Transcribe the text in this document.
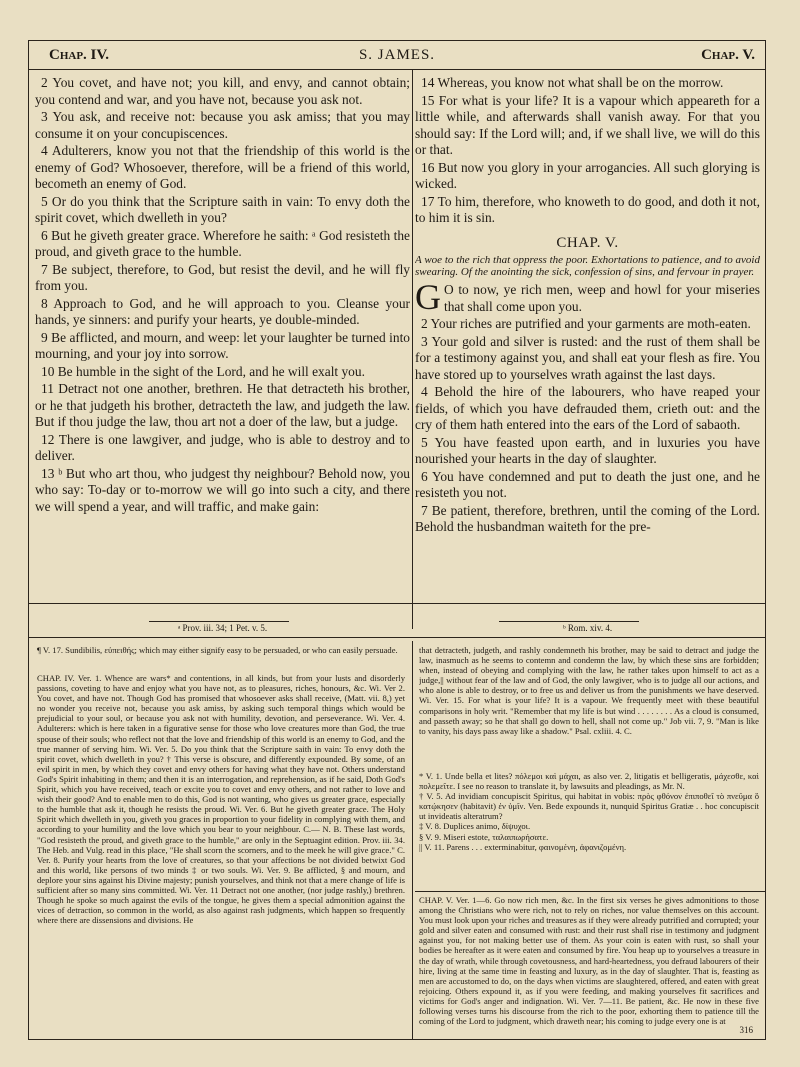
Chap. IV.	S. JAMES.	Chap. V.

2 You covet, and have not; you kill, and envy, and cannot obtain; you contend and war, and you have not, because you ask not.

3 You ask, and receive not: because you ask amiss; that you may consume it on your concupiscences.

4 Adulterers, know you not that the friendship of this world is the enemy of God? Whosoever, therefore, will be a friend of this world, becometh an enemy of God.

5 Or do you think that the Scripture saith in vain: To envy doth the spirit covet, which dwelleth in you?

6 But he giveth greater grace. Wherefore he saith: ᵃ God resisteth the proud, and giveth grace to the humble.

7 Be subject, therefore, to God, but resist the devil, and he will fly from you.

8 Approach to God, and he will approach to you. Cleanse your hands, ye sinners: and purify your hearts, ye double-minded.

9 Be afflicted, and mourn, and weep: let your laughter be turned into mourning, and your joy into sorrow.

10 Be humble in the sight of the Lord, and he will exalt you.

11 Detract not one another, brethren. He that detracteth his brother, or he that judgeth his brother, detracteth the law, and judgeth the law. But if thou judge the law, thou art not a doer of the law, but a judge.

12 There is one lawgiver, and judge, who is able to destroy and to deliver.

13 ᵇ But who art thou, who judgest thy neighbour? Behold now, you who say: To-day or to-morrow we will go into such a city, and there we will spend a year, and will traffic, and make gain:

14 Whereas, you know not what shall be on the morrow.

15 For what is your life? It is a vapour which appeareth for a little while, and afterwards shall vanish away. For that you should say: If the Lord will; and, if we shall live, we will do this or that.

16 But now you glory in your arrogancies. All such glorying is wicked.

17 To him, therefore, who knoweth to do good, and doth it not, to him it is sin.

CHAP. V.

A woe to the rich that oppress the poor. Exhortations to patience, and to avoid swearing. Of the anointing the sick, confession of sins, and fervour in prayer.

G O to now, ye rich men, weep and howl for your miseries that shall come upon you.

2 Your riches are putrified and your garments are moth-eaten.

3 Your gold and silver is rusted: and the rust of them shall be for a testimony against you, and shall eat your flesh as fire. You have stored up to yourselves wrath against the last days.

4 Behold the hire of the labourers, who have reaped your fields, of which you have defrauded them, crieth out: and the cry of them hath entered into the ears of the Lord of sabaoth.

5 You have feasted upon earth, and in luxuries you have nourished your hearts in the day of slaughter.

6 You have condemned and put to death the just one, and he resisteth you not.

7 Be patient, therefore, brethren, until the coming of the Lord. Behold the husbandman waiteth for the pre-

ᵃ Prov. iii. 34; 1 Pet. v. 5.	ᵇ Rom. xiv. 4.
¶ V. 17. Sundibilis, εὐπειθής; which may either signify easy to be persuaded, or who can easily persuade.
CHAP. IV. Ver. 1. Whence are wars* and contentions, in all kinds, but from your lusts and disorderly passions, coveting to have and enjoy what you have not, as to pleasures, riches, honours, &c. Wi. Ver 2. You covet, and have not. Though God has promised that whosoever asks shall receive, (Matt. vii. 8,) yet no wonder you receive not, because you ask amiss, by asking such temporal things which would be prejudicial to your soul, or because you ask not with humility, devotion, and perseverance. Wi. Ver. 4. Adulterers: which is here taken in a figurative sense for those who love creatures more than God, the true spouse of their souls; who reflect not that the love and friendship of this world is an enemy to God, and the true manner of serving him. Wi. Ver. 5. Do you think that the Scripture saith in vain: To envy doth the spirit covet, which dwelleth in you? † This verse is obscure, and differently expounded. By some, of an evil spirit in men, by which they covet and envy others for having what they have not. Others understand God's Spirit inhabiting in them; and then it is an interrogation, and reprehension, as if he said, Doth God's Spirit, which you have received, teach or excite you to covet and envy others, and not rather to love and wish their good? And to enable men to do this, God is not wanting, who gives us greater grace, especially to the humble that ask it, though he resists the proud. Wi. Ver. 6. But he giveth greater grace. The Holy Spirit which dwelleth in you, giveth you graces in proportion to your fidelity in complying with them, and according to your humility and the love which you bear to your neighbour. C.— N. B. These last words, "God resisteth the proud, and giveth grace to the humble," are only in the Septuagint edition. Prov. iii. 34. The Heb. and Vulg. read in this place, "He shall scorn the scorners, and to the meek he will give grace." C. Ver. 8. Purify your hearts from the love of creatures, so that your affections be not divided betwixt God and this world, like persons of two minds ‡ or two souls. Wi. Ver. 9. Be afflicted, § and mourn, and deplore your sins against his Divine majesty; punish yourselves, and think not that a mere change of life is sufficient after so many sins committed. Wi. Ver. 11 Detract not one another, (nor judge rashly,) brethren. Though he spoke so much against the evils of the tongue, he gives them a special admonition against the vices of detraction, so common in the world, as also against rash judgments, which happen so frequently where there are dissensions and divisions. He
that detracteth, judgeth, and rashly condemneth his brother, may be said to detract and judge the law, inasmuch as he seems to contemn and condemn the law, by which these sins are forbidden; when, instead of obeying and complying with the law, he rather takes upon himself to act as a judge,|| without fear of the law and of God, the only lawgiver, who is to judge all our actions, and who alone is able to destroy, or to free us and deliver us from the punishments we have deserved. Wi. Ver. 15. For what is your life? It is a vapour. We frequently meet with these beautiful comparisons in holy writ. "Remember that my life is but wind . . . . . . . . As a cloud is consumed, and passeth away; so he that shall go down to hell, shall not come up." Job vii. 7, 9. "Man is like to vanity, his days pass away like a shadow." Psal. cxliii. 4. C.
* V. 1. Unde bella et lites? πόλεμοι καὶ μάχαι, as also ver. 2, litigatis et belligeratis, μάχεσθε, καὶ πολεμεῖτε. I see no reason to translate it, by lawsuits and pleadings, as Mr. N.
† V. 5. Ad invidiam concupiscit Spiritus, qui habitat in vobis: πρὸς φθόνον ἐπιποθεῖ τὸ πνεῦμα ὃ κατῴκησεν (habitavit) ἐν ὑμῖν. Ven. Bede expounds it, nunquid Spiritus Gratiæ . . hoc concupiscit ut invideatis alteratrum?
‡ V. 8. Duplices animo, δίψυχοι.
§ V. 9. Miseri estote, ταλαιπωρήσατε.
|| V. 11. Parens . . . exterminabitur, φαινομένη, ἀφανιζομένη.
CHAP. V. Ver. 1—6. Go now rich men, &c. In the first six verses he gives admonitions to those among the Christians who were rich, not to rely on riches, nor value themselves on this account. You must look upon your riches and treasures as if they were already putrified and corrupted; your gold and silver eaten and consumed with rust: and their rust shall rise in testimony and judgment against you, for not making better use of them. As your coin is eaten with rust, so shall your bodies be hereafter as it were eaten and consumed by fire. You heap up to yourselves a treasure in the day of wrath, while through covetousness, and hard-heartedness, you defraud labourers of their hire, living at the same time in feasting and luxury, as in the day of slaughter. That is, feasting as men are accustomed to do, on the days when victims are slaughtered, offered, and eaten with great rejoicing. Others expound it, as if you were feeding, and making yourselves fit sacrifices and victims for God's anger and indignation. Wi. Ver. 7—11. Be patient, &c. He now in these five following verses turns his discourse from the rich to the poor, exhorting them to patience till the coming of the Lord to judgment, which draweth near; his coming to judge every one is at
316
